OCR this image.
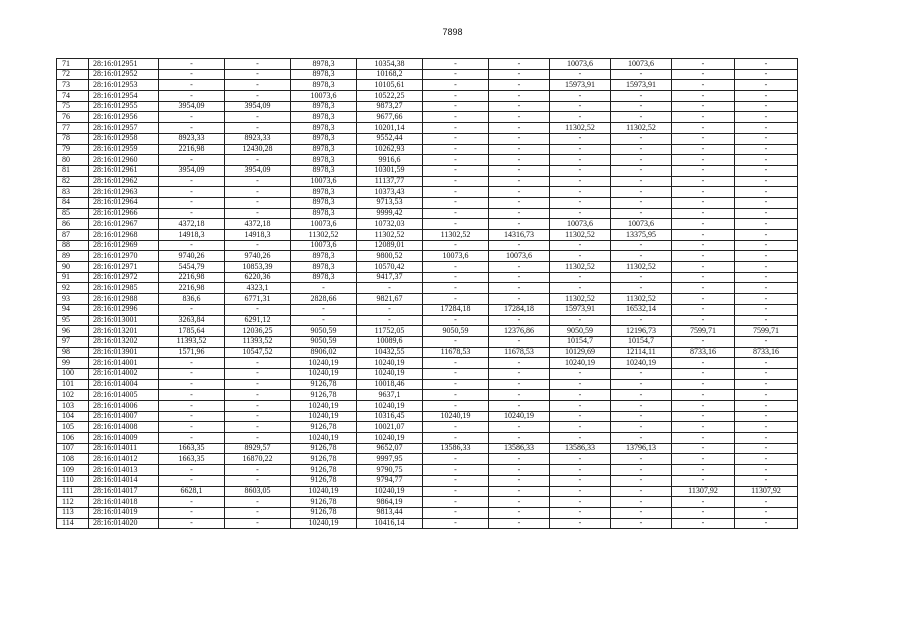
7898
71	28:16:012951	-	-	8978,3	10354,38	-	-	10073,6	10073,6	-	-
72	28:16:012952	-	-	8978,3	10168,2	-	-	-	-	-	-
73	28:16:012953	-	-	8978,3	10105,61	-	-	15973,91	15973,91	-	-
74	28:16:012954	-	-	10073,6	10522,25	-	-	-	-	-	-
75	28:16:012955	3954,09	3954,09	8978,3	9873,27	-	-	-	-	-	-
76	28:16:012956	-	-	8978,3	9677,66	-	-	-	-	-	-
77	28:16:012957	-	-	8978,3	10201,14	-	-	11302,52	11302,52	-	-
78	28:16:012958	8923,33	8923,33	8978,3	9552,44	-	-	-	-	-	-
79	28:16:012959	2216,98	12430,28	8978,3	10262,93	-	-	-	-	-	-
80	28:16:012960	-	-	8978,3	9916,6	-	-	-	-	-	-
81	28:16:012961	3954,09	3954,09	8978,3	10301,59	-	-	-	-	-	-
82	28:16:012962	-	-	10073,6	11137,77	-	-	-	-	-	-
83	28:16:012963	-	-	8978,3	10373,43	-	-	-	-	-	-
84	28:16:012964	-	-	8978,3	9713,53	-	-	-	-	-	-
85	28:16:012966	-	-	8978,3	9999,42	-	-	-	-	-	-
86	28:16:012967	4372,18	4372,18	10073,6	10732,03	-	-	10073,6	10073,6	-	-
87	28:16:012968	14918,3	14918,3	11302,52	11302,52	11302,52	14316,73	11302,52	13375,95	-	-
88	28:16:012969	-	-	10073,6	12089,01	-	-	-	-	-	-
89	28:16:012970	9740,26	9740,26	8978,3	9800,52	10073,6	10073,6	-	-	-	-
90	28:16:012971	5454,79	10853,39	8978,3	10570,42	-	-	11302,52	11302,52	-	-
91	28:16:012972	2216,98	6220,36	8978,3	9417,37	-	-	-	-	-	-
92	28:16:012985	2216,98	4323,1	-	-	-	-	-	-	-	-
93	28:16:012988	836,6	6771,31	2828,66	9821,67	-	-	11302,52	11302,52	-	-
94	28:16:012996	-	-	-	-	17284,18	17284,18	15973,91	16532,14	-	-
95	28:16:013001	3263,84	6291,12	-	-	-	-	-	-	-	-
96	28:16:013201	1785,64	12036,25	9050,59	11752,05	9050,59	12376,86	9050,59	12196,73	7599,71	7599,71
97	28:16:013202	11393,52	11393,52	9050,59	10089,6	-	-	10154,7	10154,7	-	-
98	28:16:013901	1571,96	10547,52	8906,02	10432,55	11678,53	11678,53	10129,69	12114,11	8733,16	8733,16
99	28:16:014001	-	-	10240,19	10240,19	-	-	10240,19	10240,19	-	-
100	28:16:014002	-	-	10240,19	10240,19	-	-	-	-	-	-
101	28:16:014004	-	-	9126,78	10018,46	-	-	-	-	-	-
102	28:16:014005	-	-	9126,78	9637,1	-	-	-	-	-	-
103	28:16:014006	-	-	10240,19	10240,19	-	-	-	-	-	-
104	28:16:014007	-	-	10240,19	10316,45	10240,19	10240,19	-	-	-	-
105	28:16:014008	-	-	9126,78	10021,07	-	-	-	-	-	-
106	28:16:014009	-	-	10240,19	10240,19	-	-	-	-	-	-
107	28:16:014011	1663,35	8929,57	9126,78	9652,07	13586,33	13586,33	13586,33	13796,13	-	-
108	28:16:014012	1663,35	16870,22	9126,78	9997,95	-	-	-	-	-	-
109	28:16:014013	-	-	9126,78	9790,75	-	-	-	-	-	-
110	28:16:014014	-	-	9126,78	9794,77	-	-	-	-	-	-
111	28:16:014017	6628,1	8603,05	10240,19	10240,19	-	-	-	-	11307,92	11307,92
112	28:16:014018	-	-	9126,78	9864,19	-	-	-	-	-	-
113	28:16:014019	-	-	9126,78	9813,44	-	-	-	-	-	-
114	28:16:014020	-	-	10240,19	10416,14	-	-	-	-	-	-
